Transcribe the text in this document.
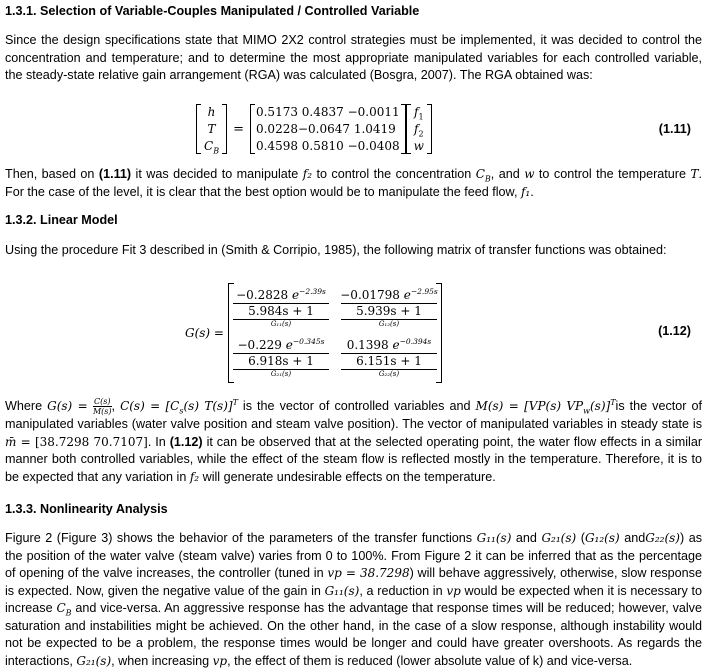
1.3.1. Selection of Variable-Couples Manipulated / Controlled Variable
Since the design specifications state that MIMO 2X2 control strategies must be implemented, it was decided to control the concentration and temperature; and to determine the most appropriate manipulated variables for each controlled variable, the steady-state relative gain arrangement (RGA) was calculated (Bosgra, 2007). The RGA obtained was:
h
T
$C_B$
=
0.5173 0.4837 −0.0011
0.0228−0.0647 1.0419
0.4598 0.5810 −0.0408
$f_1$
$f_2$
w
(1.11)
Then, based on (1.11) it was decided to manipulate f₂ to control the concentration $C_B$, and w to control the temperature T. For the case of the level, it is clear that the best option would be to manipulate the feed flow, f₁.
1.3.2. Linear Model
Using the procedure Fit 3 described in (Smith & Corripio, 1985), the following matrix of transfer functions was obtained:
G(s) =
−0.2828 $e^{-2.39s}$
5.984s + 1
G₁₁(s)
−0.01798 $e^{-2.95s}$
5.939s + 1
G₁₂(s)
−0.229 $e^{-0.345s}$
6.918s + 1
G₂₁(s)
0.1398 $e^{-0.394s}$
6.151s + 1
G₂₂(s)
(1.12)
Where $G(s) = \frac{C(s)}{M(s)}$ , $C(s) = [C_s(s)$ T(s)]$^T$ is the vector of controlled variables and M(s) = [VP(s) $VP_w(s)]^Tis$ the vector of manipulated variables (water valve position and steam valve position). The vector of manipulated variables in steady state is m̄ = [38.7298 70.7107]. In (1.12) it can be observed that at the selected operating point, the water flow effects in a similar manner both controlled variables, while the effect of the steam flow is reflected mostly in the temperature. Therefore, it is to be expected that any variation in f₂ will generate undesirable effects on the temperature.
1.3.3. Nonlinearity Analysis
Figure 2 (Figure 3) shows the behavior of the parameters of the transfer functions G₁₁(s) and G₂₁(s) (G₁₂(s) andG₂₂(s)) as the position of the water valve (steam valve) varies from 0 to 100%. From Figure 2 it can be inferred that as the percentage of opening of the valve increases, the controller (tuned in vp = 38.7298) will behave aggressively, otherwise, slow response is expected. Now, given the negative value of the gain in G₁₁(s), a reduction in vp would be expected when it is necessary to increase $C_B$ and vice-versa. An aggressive response has the advantage that response times will be reduced; however, valve saturation and instabilities might be achieved. On the other hand, in the case of a slow response, although instability would not be expected to be a problem, the response times would be longer and could have greater overshoots. As regards the interactions, G₂₁(s), when increasing vp, the effect of them is reduced (lower absolute value of k) and vice-versa.
